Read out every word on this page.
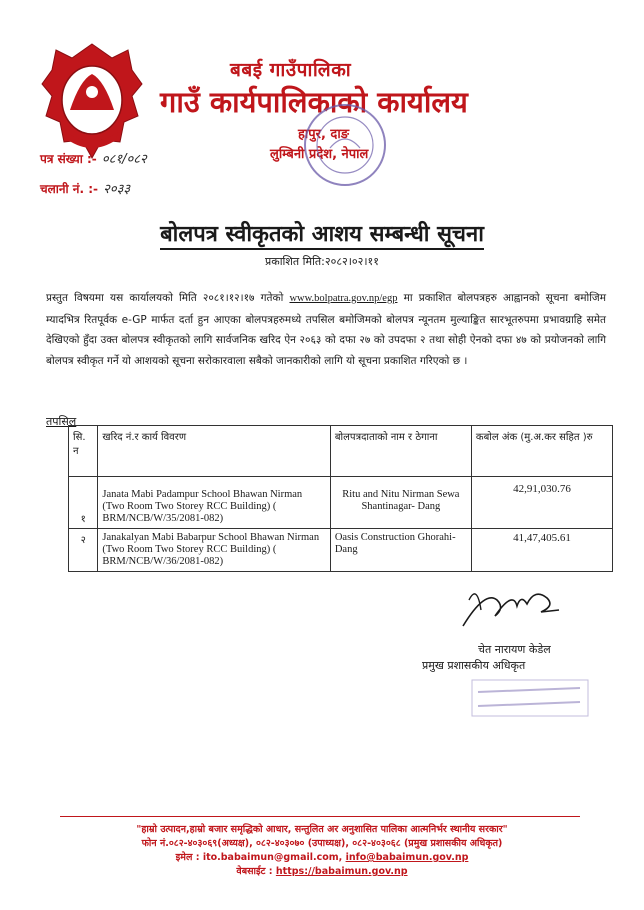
बबई गाउँपालिका
गाउँ कार्यपालिकाको कार्यालय
हापुर, दाङ
लुम्बिनी प्रदेश, नेपाल
पत्र संख्या :- ०८१/०८२
चलानी नं. :- २०३३
बोलपत्र स्वीकृतको आशय सम्बन्धी सूचना
प्रकाशित मिति:२०८२।०२।११
प्रस्तुत विषयमा यस कार्यालयको मिति २०८१।१२।१७ गतेको www.bolpatra.gov.np/egp मा प्रकाशित बोलपत्रहरु आह्वानको सूचना बमोजिम म्यादभित्र रितपूर्वक e-GP मार्फत दर्ता हुन आएका बोलपत्रहरुमध्ये तपसिल बमोजिमको बोलपत्र न्यूनतम मुल्याङ्कित सारभूतरुपमा प्रभावग्राहि समेत देखिएको हुँदा उक्त बोलपत्र स्वीकृतको लागि सार्वजनिक खरिद ऐन २०६३ को दफा २७ को उपदफा २ तथा सोही ऐनको दफा ४७ को प्रयोजनको लागि बोलपत्र स्वीकृत गर्ने यो आशयको सूचना सरोकारवाला सबैको जानकारीको लागि यो सूचना प्रकाशित गरिएको छ ।
तपसिल
सि. न	खरिद नं.र कार्य विवरण	बोलपत्रदाताको नाम र ठेगाना	कबोल अंक (मु.अ.कर सहित )रु
१	Janata Mabi Padampur School Bhawan Nirman (Two Room Two Storey RCC Building) ( BRM/NCB/W/35/2081-082)	Ritu and Nitu Nirman Sewa Shantinagar- Dang	42,91,030.76
२	Janakalyan Mabi Babarpur School Bhawan Nirman (Two Room Two Storey RCC Building) ( BRM/NCB/W/36/2081-082)	Oasis Construction Ghorahi-Dang	41,47,405.61
चेत नारायण केडेल
प्रमुख प्रशासकीय अधिकृत
"हाम्रो उत्पादन,हाम्रो बजार समृद्धिको आधार, सन्तुलित अर अनुशासित पालिका आत्मनिर्भर स्थानीय सरकार"
फोन नं.०८२-४०३०६९(अध्यक्ष), ०८२-४०३०७० (उपाध्यक्ष), ०८२-४०३०६८ (प्रमुख प्रशासकीय अधिकृत)
इमेल : ito.babaimun@gmail.com, info@babaimun.gov.np
वेबसाईट : https://babaimun.gov.np
